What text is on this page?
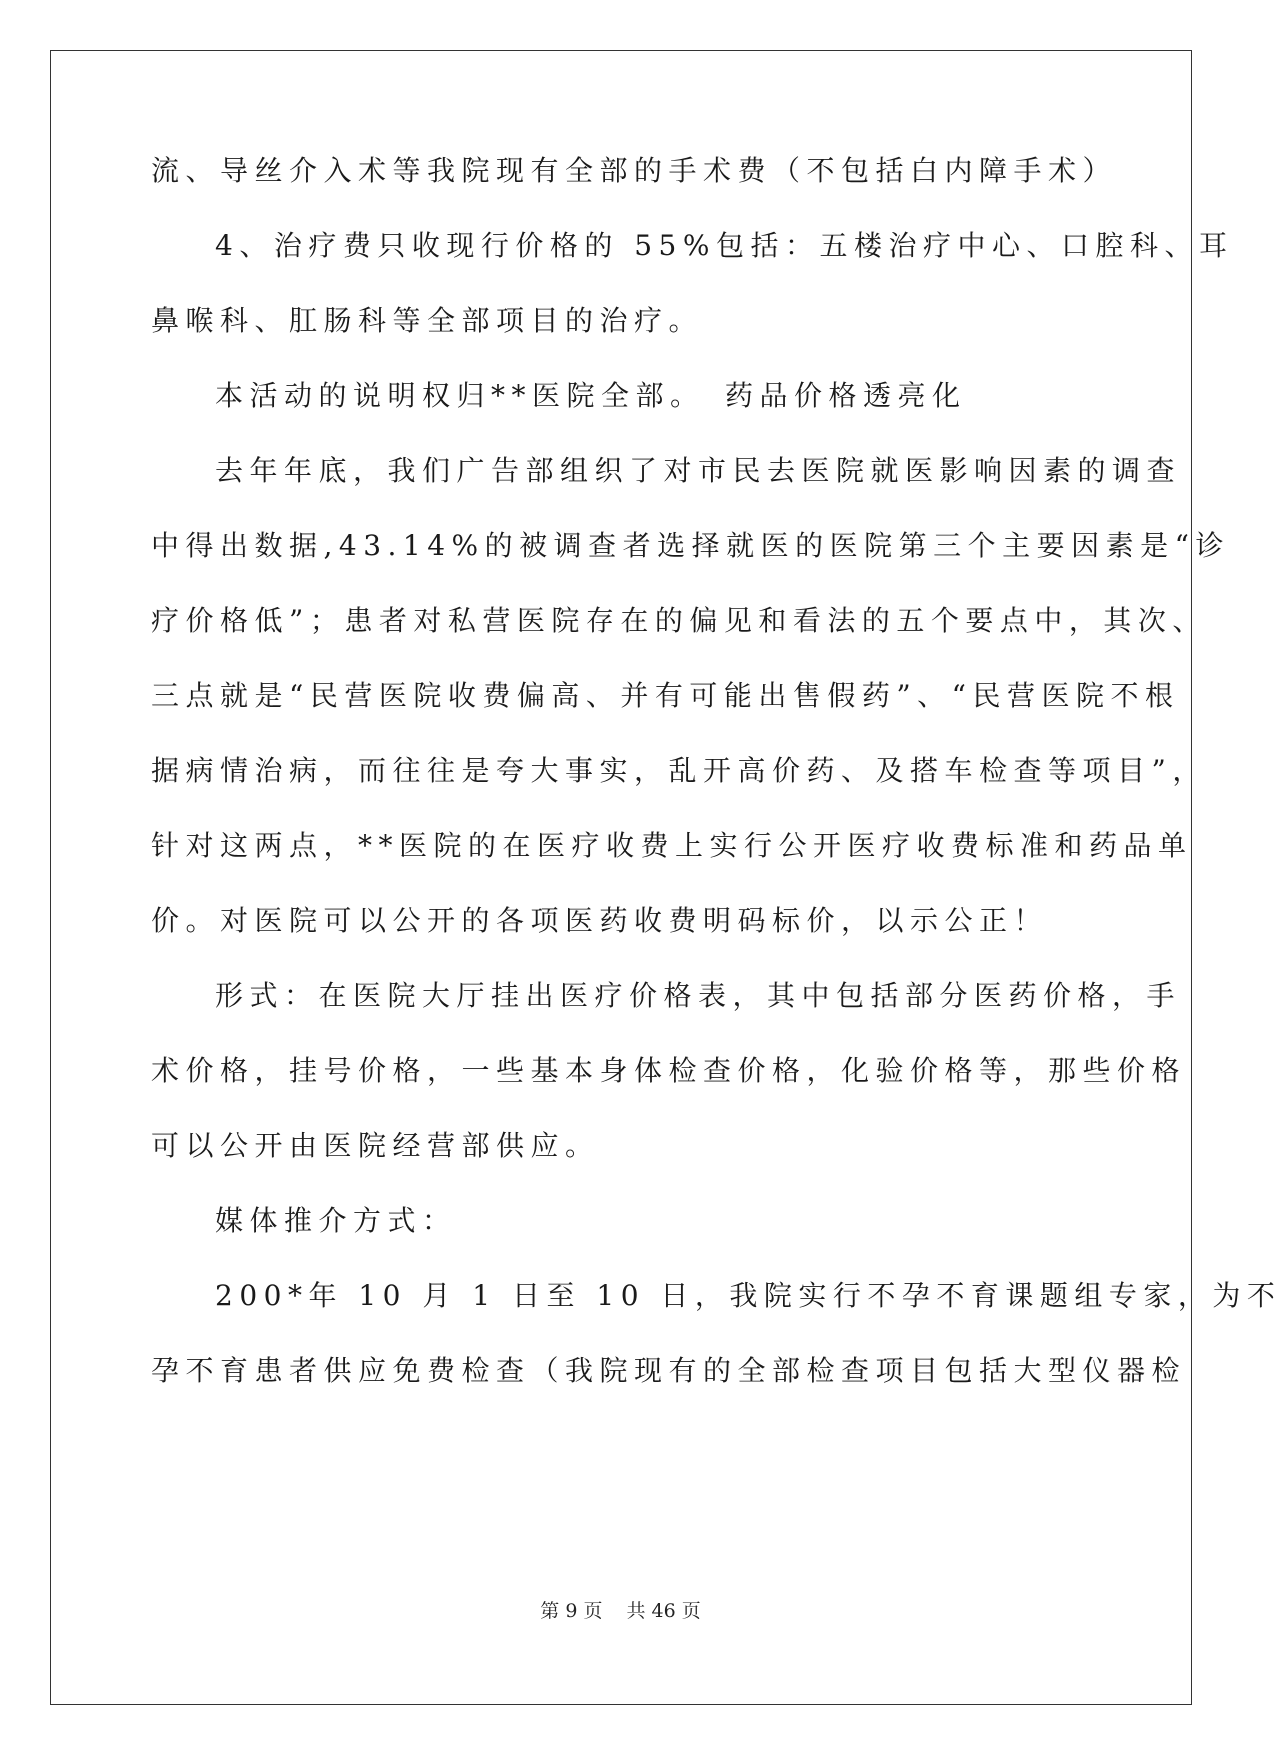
流、导丝介入术等我院现有全部的手术费（不包括白内障手术）
4、治疗费只收现行价格的 55%包括：五楼治疗中心、口腔科、耳
鼻喉科、肛肠科等全部项目的治疗。
本活动的说明权归**医院全部。　药品价格透亮化
去年年底，我们广告部组织了对市民去医院就医影响因素的调查
中得出数据,43.14%的被调查者选择就医的医院第三个主要因素是“诊
疗价格低”；患者对私营医院存在的偏见和看法的五个要点中，其次、
三点就是“民营医院收费偏高、并有可能出售假药”、“民营医院不根
据病情治病，而往往是夸大事实，乱开高价药、及搭车检查等项目”，
针对这两点，**医院的在医疗收费上实行公开医疗收费标准和药品单
价。对医院可以公开的各项医药收费明码标价，以示公正！
形式：在医院大厅挂出医疗价格表，其中包括部分医药价格，手
术价格，挂号价格，一些基本身体检查价格，化验价格等，那些价格
可以公开由医院经营部供应。
媒体推介方式：
200*年 10 月 1 日至 10 日，我院实行不孕不育课题组专家，为不
孕不育患者供应免费检查（我院现有的全部检查项目包括大型仪器检
第 9 页 共 46 页
